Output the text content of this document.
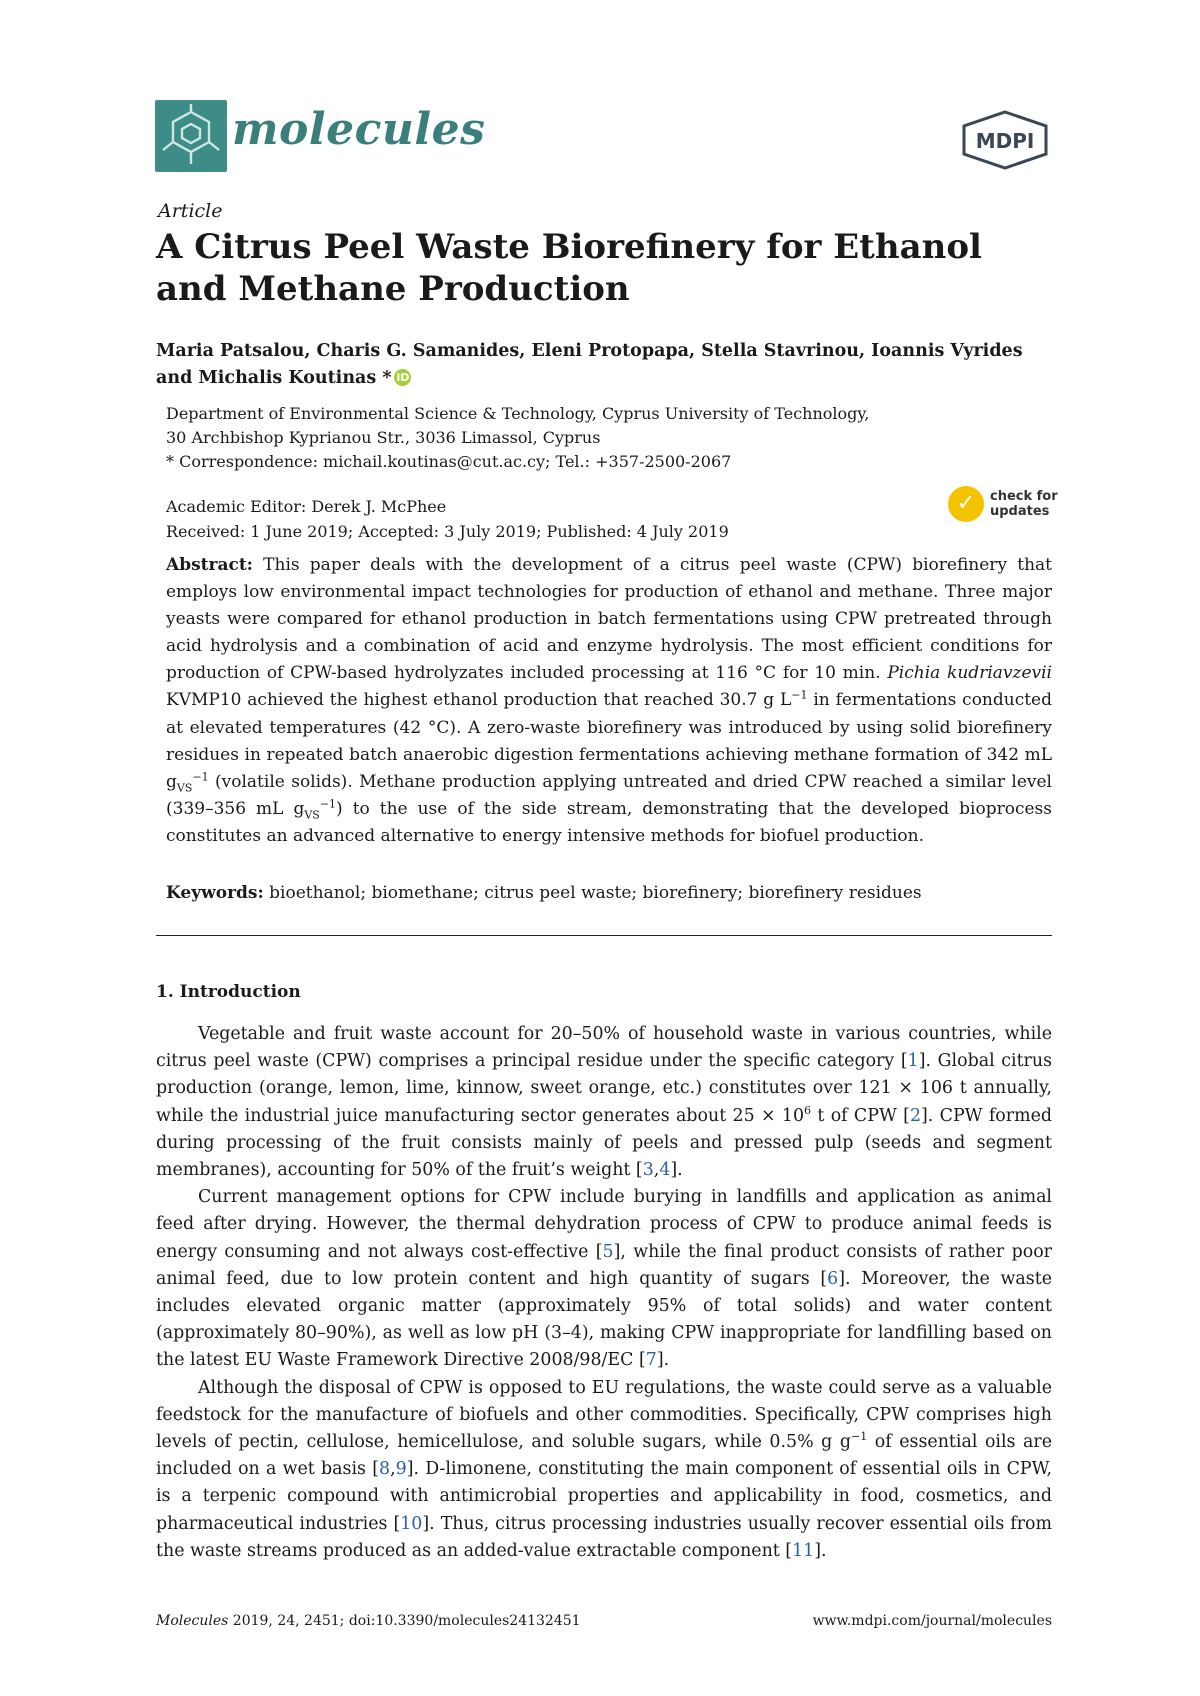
molecules	MDPI
Article
A Citrus Peel Waste Biorefinery for Ethanol and Methane Production
Maria Patsalou, Charis G. Samanides, Eleni Protopapa, Stella Stavrinou, Ioannis Vyrides and Michalis Koutinas * iD
Department of Environmental Science & Technology, Cyprus University of Technology,
30 Archbishop Kyprianou Str., 3036 Limassol, Cyprus
* Correspondence: michail.koutinas@cut.ac.cy; Tel.: +357-2500-2067
Academic Editor: Derek J. McPhee
Received: 1 June 2019; Accepted: 3 July 2019; Published: 4 July 2019
✓	check for
updates

Abstract: This paper deals with the development of a citrus peel waste (CPW) biorefinery that employs low environmental impact technologies for production of ethanol and methane. Three major yeasts were compared for ethanol production in batch fermentations using CPW pretreated through acid hydrolysis and a combination of acid and enzyme hydrolysis. The most efficient conditions for production of CPW-based hydrolyzates included processing at 116 °C for 10 min. Pichia kudriavzevii KVMP10 achieved the highest ethanol production that reached 30.7 g $L^{-1}$ in fermentations conducted at elevated temperatures (42 °C). A zero-waste biorefinery was introduced by using solid biorefinery residues in repeated batch anaerobic digestion fermentations achieving methane formation of 342 mL $g_{VS}^{-1}$ (volatile solids). Methane production applying untreated and dried CPW reached a similar level (339–356 mL $g_{VS}^{-1}$) to the use of the side stream, demonstrating that the developed bioprocess constitutes an advanced alternative to energy intensive methods for biofuel production.

Keywords: bioethanol; biomethane; citrus peel waste; biorefinery; biorefinery residues
1. Introduction

Vegetable and fruit waste account for 20–50% of household waste in various countries, while citrus peel waste (CPW) comprises a principal residue under the specific category [1]. Global citrus production (orange, lemon, lime, kinnow, sweet orange, etc.) constitutes over 121 × 106 t annually, while the industrial juice manufacturing sector generates about $25 \times 10^6$ t of CPW [2]. CPW formed during processing of the fruit consists mainly of peels and pressed pulp (seeds and segment membranes), accounting for 50% of the fruit’s weight [3,4].

Current management options for CPW include burying in landfills and application as animal feed after drying. However, the thermal dehydration process of CPW to produce animal feeds is energy consuming and not always cost-effective [5], while the final product consists of rather poor animal feed, due to low protein content and high quantity of sugars [6]. Moreover, the waste includes elevated organic matter (approximately 95% of total solids) and water content (approximately 80–90%), as well as low pH (3–4), making CPW inappropriate for landfilling based on the latest EU Waste Framework Directive 2008/98/EC [7].

Although the disposal of CPW is opposed to EU regulations, the waste could serve as a valuable feedstock for the manufacture of biofuels and other commodities. Specifically, CPW comprises high levels of pectin, cellulose, hemicellulose, and soluble sugars, while 0.5% g $g^{-1}$ of essential oils are included on a wet basis [8,9]. D-limonene, constituting the main component of essential oils in CPW, is a terpenic compound with antimicrobial properties and applicability in food, cosmetics, and pharmaceutical industries [10]. Thus, citrus processing industries usually recover essential oils from the waste streams produced as an added-value extractable component [11].

Molecules 2019, 24, 2451; doi:10.3390/molecules24132451	www.mdpi.com/journal/molecules
